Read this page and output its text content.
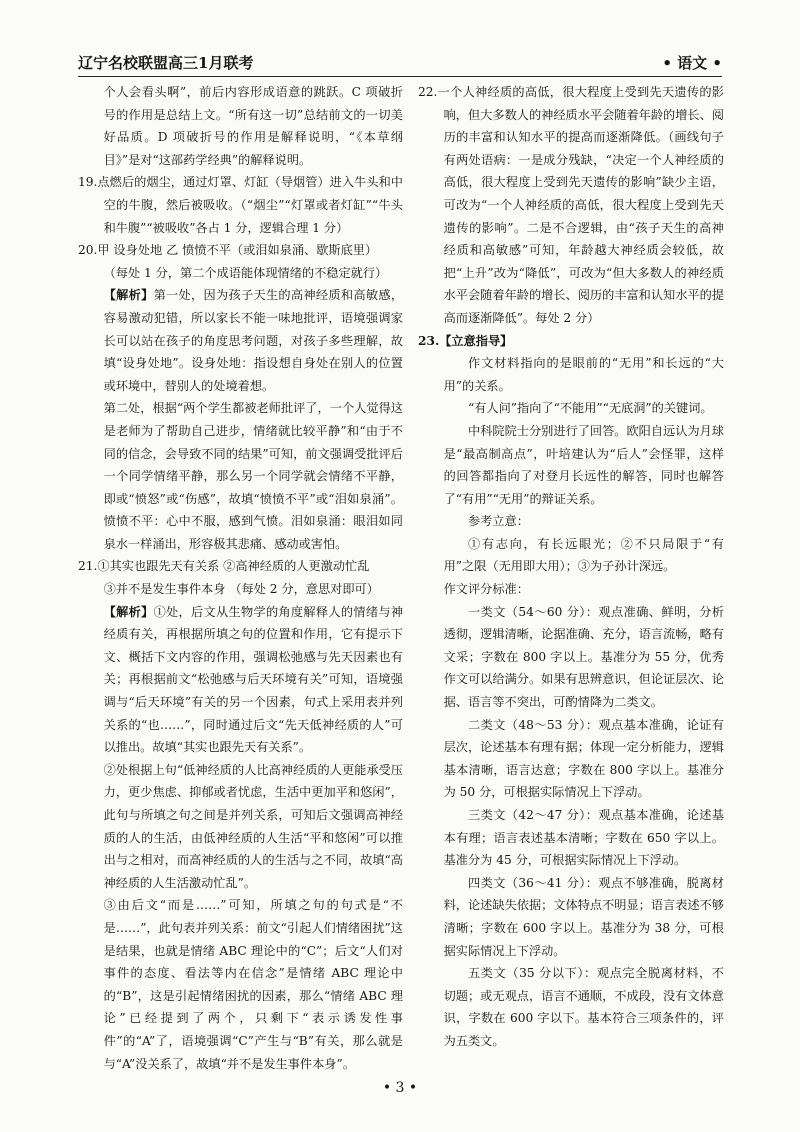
辽宁名校联盟高三1月联考	• 语文 •

个人会看头啊”，前后内容形成语意的跳跃。C 项破折号的作用是总结上文。“所有这一切”总结前文的一切美好品质。D 项破折号的作用是解释说明，“《本草纲目》”是对“这部药学经典”的解释说明。

19.点燃后的烟尘，通过灯罩、灯缸（导烟管）进入牛头和中空的牛腹，然后被吸收。（“烟尘”“灯罩或者灯缸”“牛头和牛腹”“被吸收”各占 1 分，逻辑合理 1 分）

20.甲 设身处地 乙 愤愤不平（或泪如泉涌、歇斯底里）

（每处 1 分，第二个成语能体现情绪的不稳定就行）

【解析】第一处，因为孩子天生的高神经质和高敏感，容易激动犯错，所以家长不能一味地批评，语境强调家长可以站在孩子的角度思考问题，对孩子多些理解，故填“设身处地”。设身处地：指设想自身处在别人的位置或环境中，替别人的处境着想。

第二处，根据“两个学生都被老师批评了，一个人觉得这是老师为了帮助自己进步，情绪就比较平静”和“由于不同的信念，会导致不同的结果”可知，前文强调受批评后一个同学情绪平静，那么另一个同学就会情绪不平静，即或“愤怒”或“伤感”，故填“愤愤不平”或“泪如泉涌”。愤愤不平：心中不服，感到气愤。泪如泉涌：眼泪如同泉水一样涌出，形容极其悲痛、感动或害怕。

21.①其实也跟先天有关系 ②高神经质的人更激动忙乱

③并不是发生事件本身 （每处 2 分，意思对即可）

【解析】①处，后文从生物学的角度解释人的情绪与神经质有关，再根据所填之句的位置和作用，它有提示下文、概括下文内容的作用，强调松弛感与先天因素也有关；再根据前文“松弛感与后天环境有关”可知，语境强调与“后天环境”有关的另一个因素，句式上采用表并列关系的“也……”，同时通过后文“先天低神经质的人”可以推出。故填“其实也跟先天有关系”。

②处根据上句“低神经质的人比高神经质的人更能承受压力，更少焦虑、抑郁或者忧虑，生活中更加平和悠闲”，此句与所填之句之间是并列关系，可知后文强调高神经质的人的生活，由低神经质的人生活“平和悠闲”可以推出与之相对，而高神经质的人的生活与之不同，故填“高神经质的人生活激动忙乱”。

③由后文“而是……”可知，所填之句的句式是“不是……”，此句表并列关系：前文“引起人们情绪困扰”这是结果，也就是情绪 ABC 理论中的“C”；后文“人们对事件的态度、看法等内在信念”是情绪 ABC 理论中的“B”，这是引起情绪困扰的因素，那么“情绪 ABC 理论”已经提到了两个，只剩下“表示诱发性事件”的“A”了，语境强调“C”产生与“B”有关，那么就是与“A”没关系了，故填“并不是发生事件本身”。

22.一个人神经质的高低，很大程度上受到先天遗传的影响，但大多数人的神经质水平会随着年龄的增长、阅历的丰富和认知水平的提高而逐渐降低。（画线句子有两处语病：一是成分残缺，“决定一个人神经质的高低，很大程度上受到先天遗传的影响”缺少主语，可改为“一个人神经质的高低，很大程度上受到先天遗传的影响”。二是不合逻辑，由“孩子天生的高神经质和高敏感”可知，年龄越大神经质会较低，故把“上升”改为“降低”，可改为“但大多数人的神经质水平会随着年龄的增长、阅历的丰富和认知水平的提高而逐渐降低”。每处 2 分）

23.【立意指导】

作文材料指向的是眼前的“无用”和长远的“大用”的关系。

“有人问”指向了“不能用”“无底洞”的关键词。

中科院院士分别进行了回答。欧阳自远认为月球是“最高制高点”，叶培建认为“后人”会怪罪，这样的回答都指向了对登月长远性的解答，同时也解答了“有用”“无用”的辩证关系。

参考立意：

①有志向，有长远眼光；②不只局限于“有用”之限（无用即大用）；③为子孙计深远。

作文评分标准：

一类文（54～60 分）：观点准确、鲜明，分析透彻，逻辑清晰，论据准确、充分，语言流畅，略有文采；字数在 800 字以上。基准分为 55 分，优秀作文可以给满分。如果有思辨意识，但论证层次、论据、语言等不突出，可酌情降为二类文。

二类文（48～53 分）：观点基本准确，论证有层次，论述基本有理有据；体现一定分析能力，逻辑基本清晰，语言达意；字数在 800 字以上。基准分为 50 分，可根据实际情况上下浮动。

三类文（42～47 分）：观点基本准确，论述基本有理；语言表述基本清晰；字数在 650 字以上。基准分为 45 分，可根据实际情况上下浮动。

四类文（36～41 分）：观点不够准确，脱离材料，论述缺失依据；文体特点不明显；语言表述不够清晰；字数在 600 字以上。基准分为 38 分，可根据实际情况上下浮动。

五类文（35 分以下）：观点完全脱离材料，不切题；或无观点，语言不通顺，不成段，没有文体意识，字数在 600 字以下。基本符合三项条件的，评为五类文。

• 3 •
